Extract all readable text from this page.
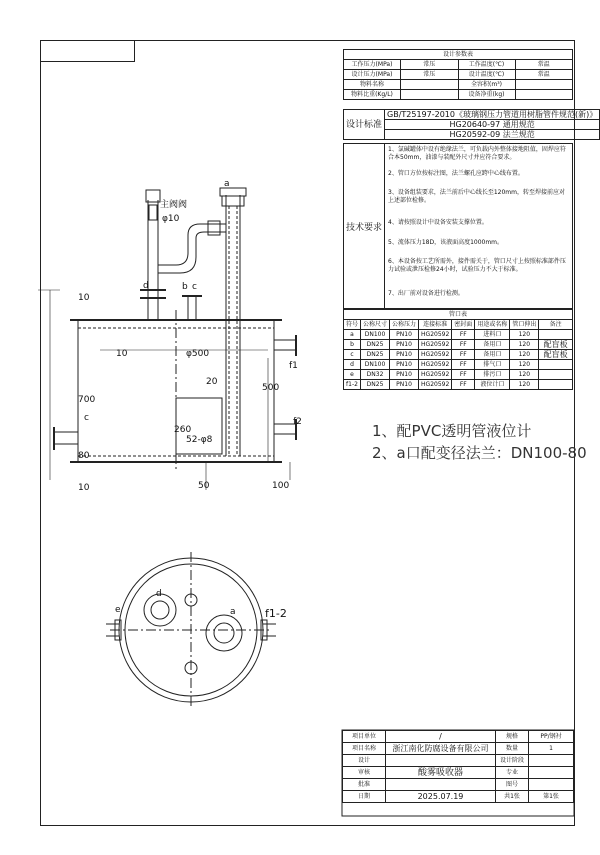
设计参数表			
工作压力(MPa)	常压	工作温度(℃)	常温
设计压力(MPa)	常压	设计温度(℃)	常温
物料名称		全容积(m³)	
物料比重(Kg/L)		设备净重(kg)	
设计标准	GB/T25197-2010《玻璃钢压力管道用树脂管件规范(新)》
HG20640-97 通用规范
HG20592-09 法兰规范
技术要求
1、氯碱罐体中设有绝缘法兰，可负载内外整体接地阻值，固焊应符合本50mm，油漆与装配外尺寸并应符合要求。
2、管口方位按标注图，法兰螺孔应跨中心线布置。
3、设备组装要求，法兰前后中心线长至120mm，转至焊接前应对上述部位检修。
4、请按照设计中设备安装支撑位置。
5、流体压力18D，该液面高度1000mm。
6、本设备按工艺所需外，接件需关于，管口尺寸上按照标准部件压力试验或泄压检修24小时，试验压力不大于标准。
7、出厂前对设备进行检测。
管口表							
符号	公称尺寸	公称压力	连接标准	密封面	用途或名称	管口伸出	备注
a	DN100	PN10	HG20592	FF	进料口	120	
b	DN25	PN10	HG20592	FF	备用口	120	配盲板
c	DN25	PN10	HG20592	FF	备用口	120	配盲板
d	DN100	PN10	HG20592	FF	排气口	120	
e	DN32	PN10	HG20592	FF	排污口	120	
f1-2	DN25	PN10	HG20592	FF	液位计口	120	
1、配PVC透明管液位计
2、a口配变径法兰：DN100-80
主阀阀
φ10
a
d	b c
c
f1
f2
e
d
a	f1-2
10
700
80
10
10	φ500
20
500
260
52-φ8
50	100
项目单位	/	规格	PP/钢衬
项目名称	浙江南化防腐设备有限公司	数量	1
设计		设计阶段	
审核	酸雾吸收器	专业	
批准		图号	
日期	2025.07.19	共1张	第1张
